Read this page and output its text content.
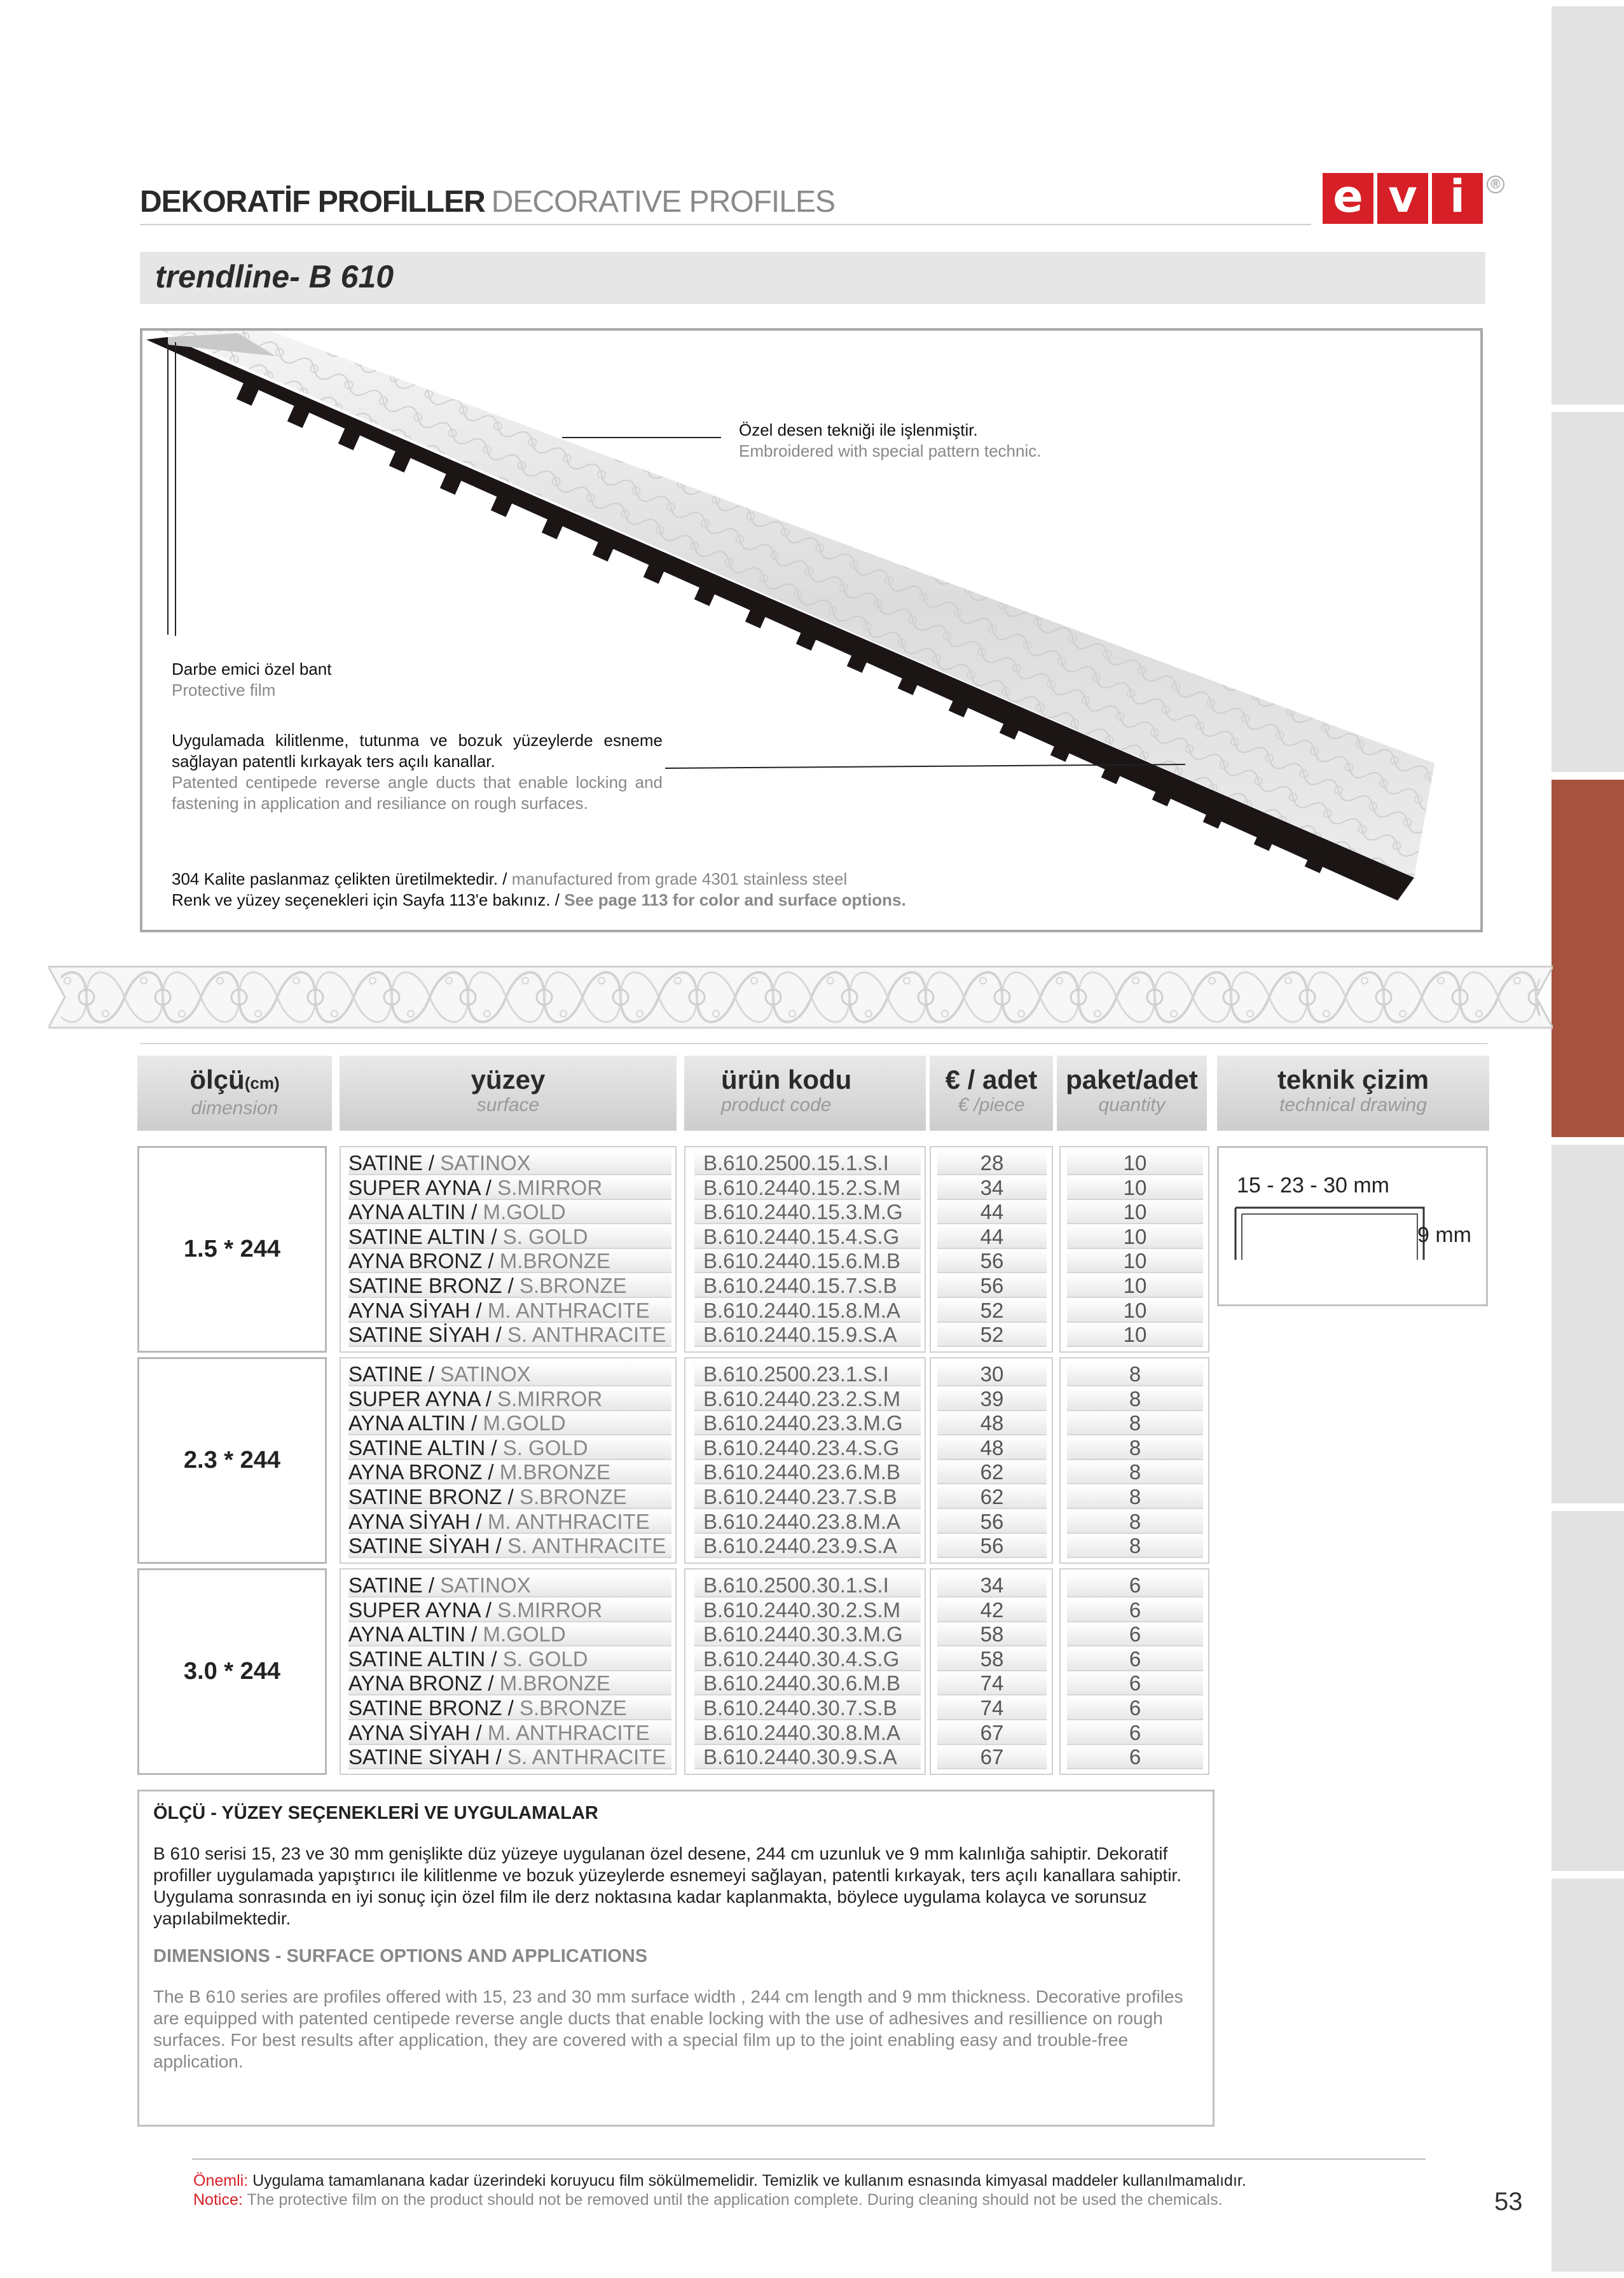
DEKORATİF PROFİLLER DECORATIVE PROFILES	e v i	®
trendline- B 610
Özel desen tekniği ile işlenmiştir.
Embroidered with special pattern technic.
Darbe emici özel bant
Protective film
Uygulamada kilitlenme, tutunma ve bozuk yüzeylerde esneme sağlayan patentli kırkayak ters açılı kanallar.
Patented centipede reverse angle ducts that enable locking and fastening in application and resiliance on rough surfaces.
304 Kalite paslanmaz çelikten üretilmektedir. / manufactured from grade 4301 stainless steel
Renk ve yüzey seçenekleri için Sayfa 113'e bakınız. / See page 113 for color and surface options.
ölçü(cm)
dimension
yüzey
surface
ürün kodu
product code
€ / adet
€ /piece
paket/adet
quantity
teknik çizim
technical drawing
1.5 * 244
SATINE / SATINOX	B.610.2500.15.1.S.I	28	10
SUPER AYNA / S.MIRROR	B.610.2440.15.2.S.M	34	10
AYNA ALTIN / M.GOLD	B.610.2440.15.3.M.G	44	10
SATINE ALTIN / S. GOLD	B.610.2440.15.4.S.G	44	10
AYNA BRONZ / M.BRONZE	B.610.2440.15.6.M.B	56	10
SATINE BRONZ / S.BRONZE	B.610.2440.15.7.S.B	56	10
AYNA SİYAH / M. ANTHRACITE	B.610.2440.15.8.M.A	52	10
SATINE SİYAH / S. ANTHRACITE	B.610.2440.15.9.S.A	52	10
2.3 * 244
SATINE / SATINOX	B.610.2500.23.1.S.I	30	8
SUPER AYNA / S.MIRROR	B.610.2440.23.2.S.M	39	8
AYNA ALTIN / M.GOLD	B.610.2440.23.3.M.G	48	8
SATINE ALTIN / S. GOLD	B.610.2440.23.4.S.G	48	8
AYNA BRONZ / M.BRONZE	B.610.2440.23.6.M.B	62	8
SATINE BRONZ / S.BRONZE	B.610.2440.23.7.S.B	62	8
AYNA SİYAH / M. ANTHRACITE	B.610.2440.23.8.M.A	56	8
SATINE SİYAH / S. ANTHRACITE	B.610.2440.23.9.S.A	56	8
3.0 * 244
SATINE / SATINOX	B.610.2500.30.1.S.I	34	6
SUPER AYNA / S.MIRROR	B.610.2440.30.2.S.M	42	6
AYNA ALTIN / M.GOLD	B.610.2440.30.3.M.G	58	6
SATINE ALTIN / S. GOLD	B.610.2440.30.4.S.G	58	6
AYNA BRONZ / M.BRONZE	B.610.2440.30.6.M.B	74	6
SATINE BRONZ / S.BRONZE	B.610.2440.30.7.S.B	74	6
AYNA SİYAH / M. ANTHRACITE	B.610.2440.30.8.M.A	67	6
SATINE SİYAH / S. ANTHRACITE	B.610.2440.30.9.S.A	67	6
15 - 23 - 30 mm
9 mm
ÖLÇÜ - YÜZEY SEÇENEKLERİ VE UYGULAMALAR

B 610 serisi 15, 23 ve 30 mm genişlikte düz yüzeye uygulanan özel desene, 244 cm uzunluk ve 9 mm kalınlığa sahiptir. Dekoratif profiller uygulamada yapıştırıcı ile kilitlenme ve bozuk yüzeylerde esnemeyi sağlayan, patentli kırkayak, ters açılı kanallara sahiptir. Uygulama sonrasında en iyi sonuç için özel film ile derz noktasına kadar kaplanmakta, böylece uygulama kolayca ve sorunsuz yapılabilmektedir.

DIMENSIONS - SURFACE OPTIONS AND APPLICATIONS

The B 610 series are profiles offered with 15, 23 and 30 mm surface width , 244 cm length and 9 mm thickness. Decorative profiles are equipped with patented centipede reverse angle ducts that enable locking with the use of adhesives and resillience on rough surfaces. For best results after application, they are covered with a special film up to the joint enabling easy and trouble-free application.

Önemli: Uygulama tamamlanana kadar üzerindeki koruyucu film sökülmemelidir. Temizlik ve kullanım esnasında kimyasal maddeler kullanılmamalıdır.
Notice: The protective film on the product should not be removed until the application complete. During cleaning should not be used the chemicals.	53
